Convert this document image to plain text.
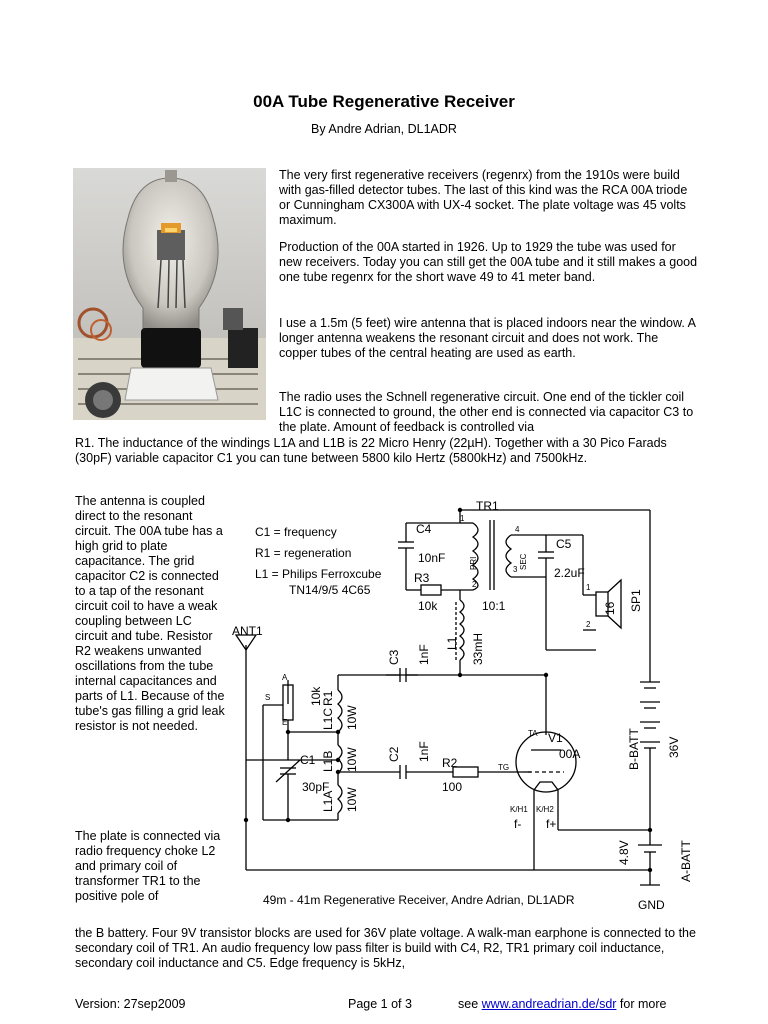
00A Tube Regenerative Receiver
By Andre Adrian, DL1ADR

The very first regenerative receivers (regenrx) from the 1910s were build with gas-filled detector tubes. The last of this kind was the RCA 00A triode or Cunningham CX300A with UX-4 socket. The plate voltage was 45 volts maximum.

Production of the 00A started in 1926. Up to 1929 the tube was used for new receivers. Today you can still get the 00A tube and it still makes a good one tube regenrx for the short wave 49 to 41 meter band.

I use a 1.5m (5 feet) wire antenna that is placed indoors near the window. A longer antenna weakens the resonant circuit and does not work. The copper tubes of the central heating are used as earth.

The radio uses the Schnell regenerative circuit. One end of the tickler coil L1C is connected to ground, the other end is connected via capacitor C3 to the plate. Amount of feedback is controlled via

R1. The inductance of the windings L1A and L1B is 22 Micro Henry (22µH). Together with a 30 Pico Farads (30pF) variable capacitor C1 you can tune between 5800 kilo Hertz (5800kHz) and 7500kHz.

The antenna is coupled direct to the resonant circuit. The 00A tube has a high grid to plate capacitance. The grid capacitor C2 is connected to a tap of the resonant circuit coil to have a weak coupling between LC circuit and tube. Resistor R2 weakens unwanted oscillations from the tube internal capacitances and parts of L1. Because of the tube's gas filling a grid leak resistor is not needed.

The plate is connected via radio frequency choke L2 and primary coil of transformer TR1 to the positive pole of

the B battery. Four 9V transistor blocks are used for 36V plate voltage. A walk-man earphone is connected to the secondary coil of TR1. An audio frequency low pass filter is build with C4, R2, TR1 primary coil inductance, secondary coil inductance and C5. Edge frequency is 5kHz,

C1 = frequency
R1 = regeneration
L1 = Philips Ferroxcube
TN14/9/5 4C65
TR1
C4
10nF
R3
10k	10:1
C5
2.2uF
ANT1
V1
00A
R2
100
30pF
C1
f- f+
GND
49m - 41m Regenerative Receiver, Andre Adrian, DL1ADR
1
2
3
4
1
2
TA
TG
K/H1 K/H2
S
A
E
PRI	SEC
16 SP1
L1 33mH
C3 1nF
10k
R1
L1C 10W
L1B 10W
L1A 10W
C2 1nF	B-BATT 36V
4.8V	A-BATT
Version: 27sep2009	Page 1 of 3	see www.andreadrian.de/sdr for more
